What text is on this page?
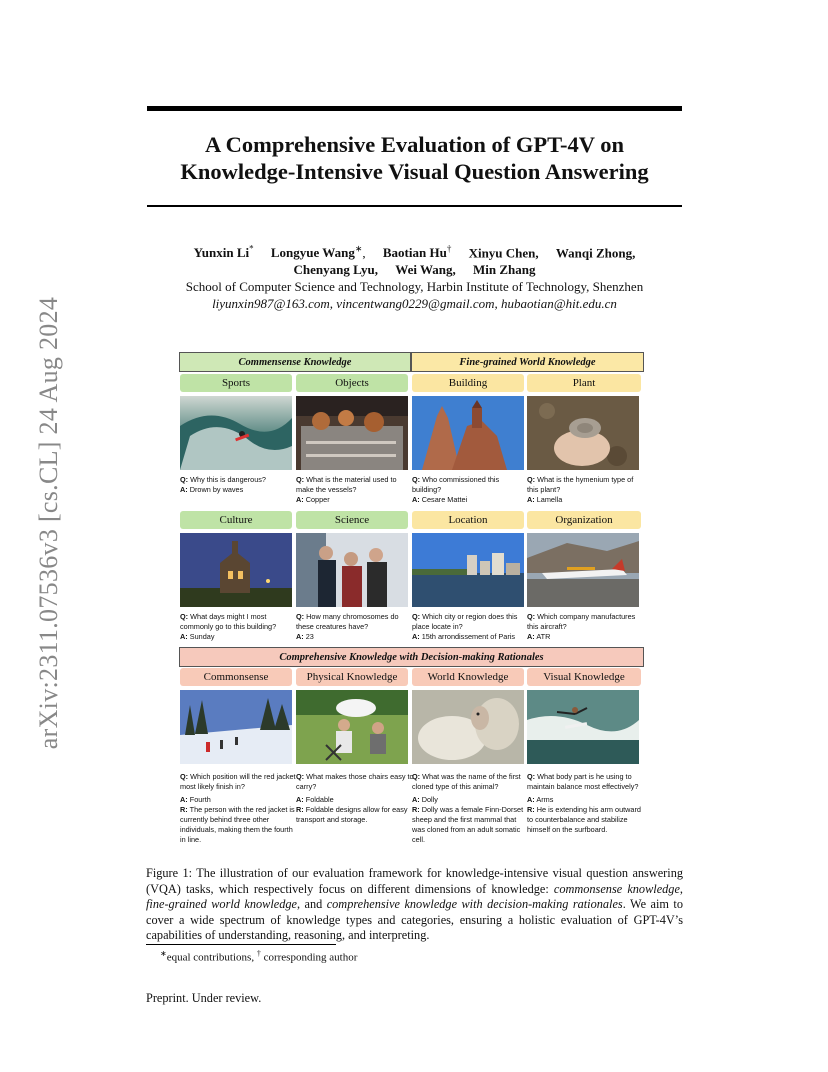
arXiv:2311.07536v3 [cs.CL] 24 Aug 2024
A Comprehensive Evaluation of GPT-4V on
Knowledge-Intensive Visual Question Answering
Yunxin Li* Longyue Wang∗, Baotian Hu† Xinyu Chen, Wanqi Zhong,
Chenyang Lyu, Wei Wang, Min Zhang
School of Computer Science and Technology, Harbin Institute of Technology, Shenzhen
liyunxin987@163.com, vincentwang0229@gmail.com, hubaotian@hit.edu.cn
Commensense Knowledge	Fine-grained World Knowledge
Sports	Objects	Building	Plant

Q: Why this is dangerous?

A: Drown by waves

Q: What is the material used to make the vessels?

A: Copper

Q: Who commissioned this building?

A: Cesare Mattei

Q: What is the hymenium type of this plant?

A: Lamella

Culture	Science	Location	Organization

Q: What days might I most commonly go to this building?

A: Sunday

Q: How many chromosomes do these creatures have?

A: 23

Q: Which city or region does this place locate in?

A: 15th arrondissement of Paris

Q: Which company manufactures this aircraft?

A: ATR

Comprehensive Knowledge with Decision-making Rationales
Commonsense	Physical Knowledge	World Knowledge	Visual Knowledge

Q: Which position will the red jacket most likely finish in?

A: Fourth

R: The person with the red jacket is currently behind three other individuals, making them the fourth in line.

Q: What makes those chairs easy to carry?

A: Foldable

R: Foldable designs allow for easy transport and storage.

Q: What was the name of the first cloned type of this animal?

A: Dolly

R: Dolly was a female Finn-Dorset sheep and the first mammal that was cloned from an adult somatic cell.

Q: What body part is he using to maintain balance most effectively?

A: Arms

R: He is extending his arm outward to counterbalance and stabilize himself on the surfboard.

Figure 1: The illustration of our evaluation framework for knowledge-intensive visual question answering (VQA) tasks, which respectively focus on different dimensions of knowledge: commonsense knowledge, fine-grained world knowledge, and comprehensive knowledge with decision-making rationales. We aim to cover a wide spectrum of knowledge types and categories, ensuring a holistic evaluation of GPT-4V’s capabilities of understanding, reasoning, and interpreting.
∗equal contributions, † corresponding author
Preprint. Under review.
